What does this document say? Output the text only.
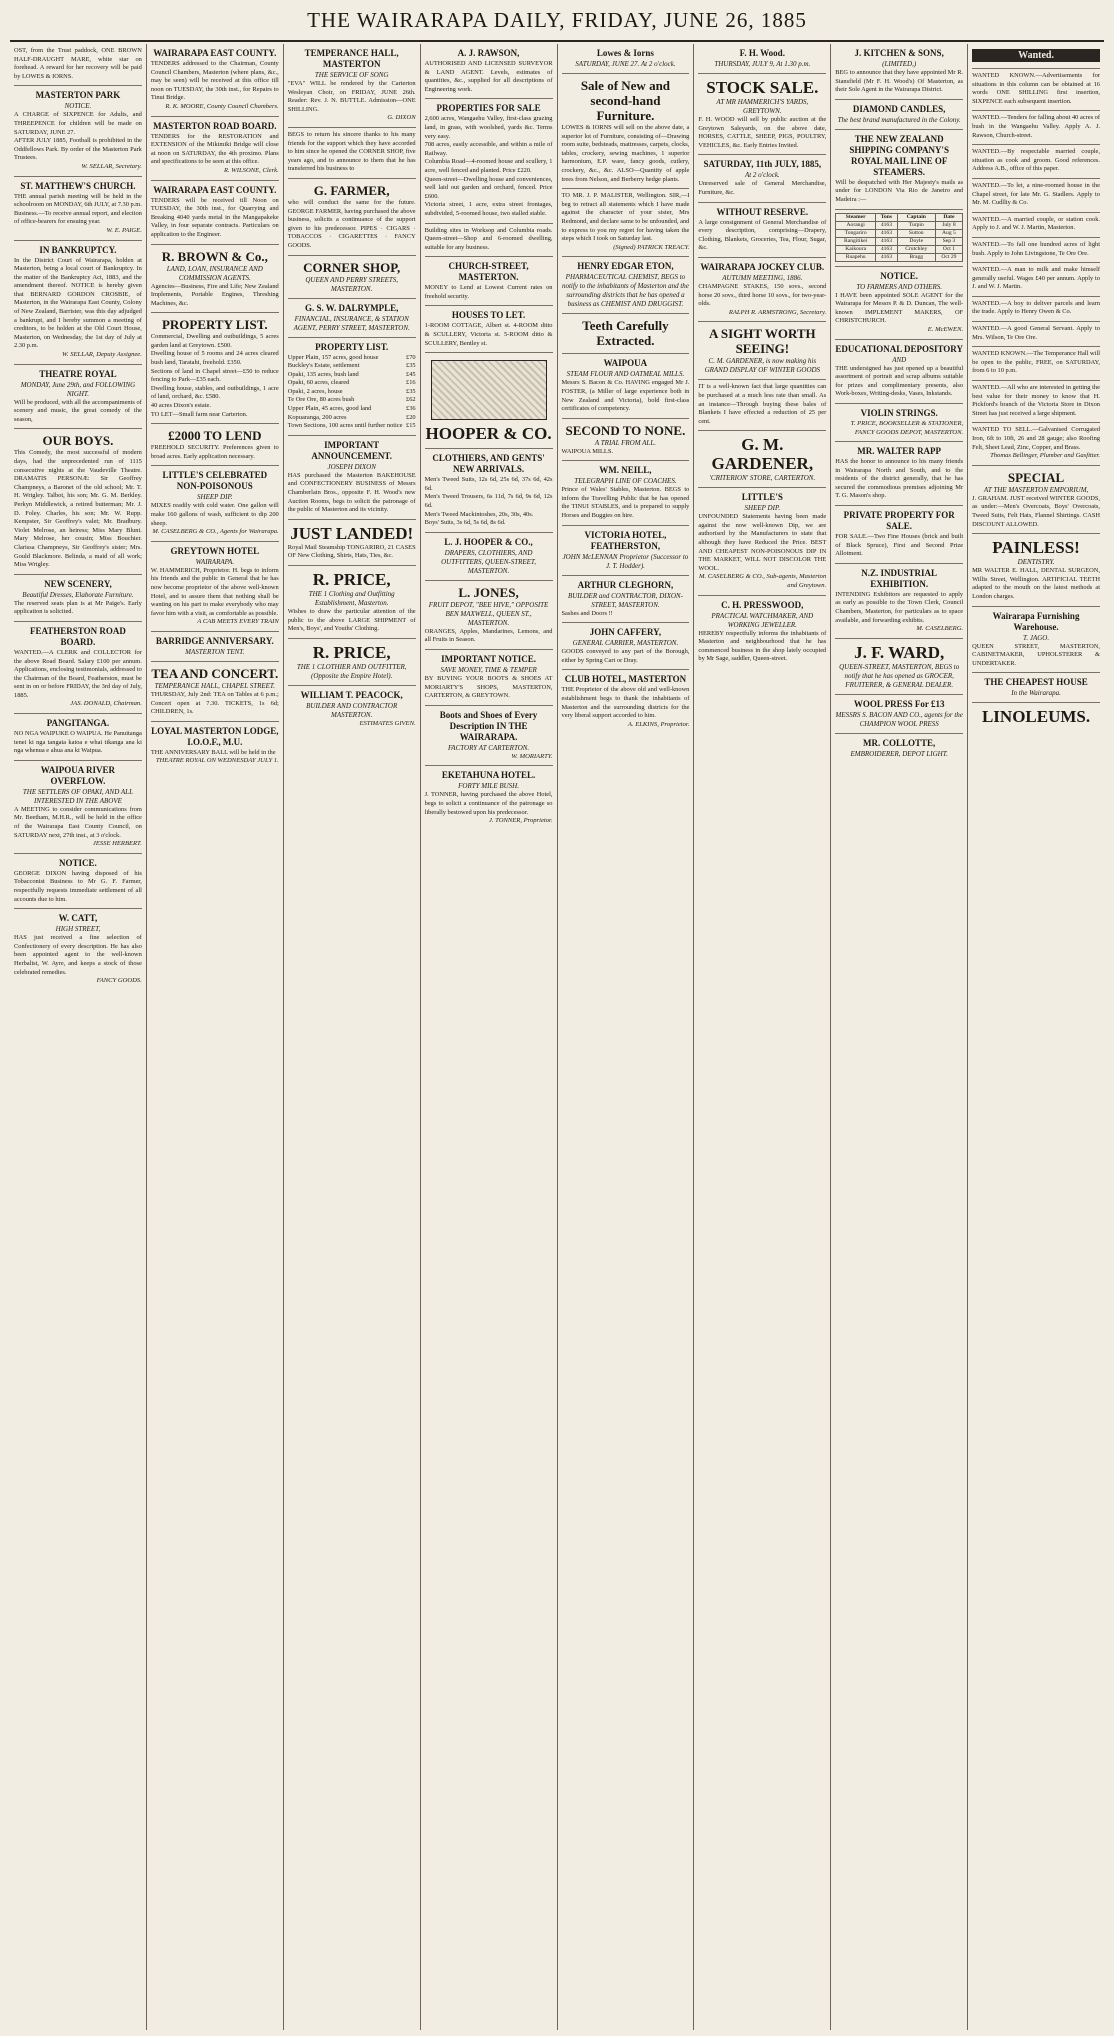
THE WAIRARAPA DAILY, FRIDAY, JUNE 26, 1885
OST, from the Trust paddock, ONE BROWN HALF-DRAUGHT MARE, white star on forehead. A reward for her recovery will be paid by LOWES & IORNS.
MASTERTON PARK
NOTICE.
A CHARGE of SIXPENCE for Adults, and THREEPENCE for children will be made on SATURDAY, JUNE 27.
AFTER JULY 1885, Football is prohibited in the Oddfellows Park. By order of the Masterton Park Trustees.
W. SELLAR, Secretary.
ST. MATTHEW'S CHURCH.
THE annual parish meeting will be held in the schoolroom on MONDAY, 6th JULY, at 7.30 p.m. Business.—To receive annual report, and election of office-bearers for ensuing year.
W. E. PAIGE.
IN BANKRUPTCY.
In the District Court of Wairarapa, holden at Masterton, being a local court of Bankruptcy. In the matter of the Bankruptcy Act, 1883, and the amendment thereof. NOTICE is hereby given that BERNARD GORDON CROSBIE, of Masterton, in the Wairarapa East County, Colony of New Zealand, Barrister, was this day adjudged a bankrupt, and I hereby summon a meeting of creditors, to be holden at the Old Court House, Masterton, on Wednesday, the 1st day of July at 2.30 p.m.
W. SELLAR, Deputy Assignee.
THEATRE ROYAL
MONDAY, June 29th, and FOLLOWING NIGHT.
Will be produced, with all the accompaniments of scenery and music, the great comedy of the season,
OUR BOYS.
This Comedy, the most successful of modern days, had the unprecedented run of 1115 consecutive nights at the Vaudeville Theatre. DRAMATIS PERSONÆ: Sir Geoffrey Champneys, a Baronet of the old school; Mr. T. H. Wrigley. Talbot, his son; Mr. G. M. Berkley. Perkyn Middlewick, a retired butterman; Mr. J. D. Foley. Charles, his son; Mr. W. Rupp. Kempster, Sir Geoffrey's valet; Mr. Bradbury. Violet Melrose, an heiress; Miss Mary Blunt. Mary Melrose, her cousin; Miss Bouchier. Clarissa Champneys, Sir Geoffrey's sister; Mrs. Gould Blackmore. Belinda, a maid of all work; Miss Wrigley.
NEW SCENERY,
Beautiful Dresses, Elaborate Furniture.
The reserved seats plan is at Mr Paige's. Early application is solicited.
FEATHERSTON ROAD BOARD.
WANTED.—A CLERK and COLLECTOR for the above Road Board. Salary £100 per annum. Applications, enclosing testimonials, addressed to the Chairman of the Board, Featherston, must be sent in on or before FRIDAY, the 3rd day of July, 1885.
JAS. DONALD, Chairman.
PANGITANGA.
NO NGA WAIPUKE O WAIPUA. He Panuitanga tenei ki nga tangata katoa e whai tikanga ana ki nga whenua e ahua ana ki Waipua.
WAIPOUA RIVER OVERFLOW.
THE SETTLERS OF OPAKI, AND ALL INTERESTED IN THE ABOVE
A MEETING to consider communications from Mr. Beetham, M.H.R., will be held in the office of the Wairarapa East County Council, on SATURDAY next, 27th inst., at 3 o'clock.
JESSE HERBERT.
NOTICE.
GEORGE DIXON having disposed of his Tobacconist Business to Mr G. F. Farmer, respectfully requests immediate settlement of all accounts due to him.
W. CATT,
HIGH STREET,
HAS just received a fine selection of Confectionery of every description. He has also been appointed agent to the well-known Herbalist, W. Ayre, and keeps a stock of those celebrated remedies.
FANCY GOODS.
WAIRARAPA EAST COUNTY.
TENDERS addressed to the Chairman, County Council Chambers, Masterton (where plans, &c., may be seen) will be received at this office till noon on TUESDAY, the 30th inst., for Repairs to Tinui Bridge.
R. K. MOORE, County Council Chambers.
MASTERTON ROAD BOARD.
TENDERS for the RESTORATION and EXTENSION of the Mikimiki Bridge will close at noon on SATURDAY, the 4th proximo. Plans and specifications to be seen at this office.
R. WILSONE, Clerk.
WAIRARAPA EAST COUNTY.
TENDERS will be received till Noon on TUESDAY, the 30th inst., for Quarrying and Breaking 4040 yards metal in the Mangapakeke Valley, in four separate contracts. Particulars on application to the Engineer.
R. BROWN & Co.,
LAND, LOAN, INSURANCE AND COMMISSION AGENTS.
Agencies—Business, Fire and Life; New Zealand Implements, Portable Engines, Threshing Machines, &c.
PROPERTY LIST.
Commercial, Dwelling and outbuildings, 5 acres garden land at Greytown. £500.
Dwelling house of 5 rooms and 24 acres cleared bush land, Taratahi, freehold. £350.
Sections of land in Chapel street—£50 to reduce fencing to Park—£35 each.
Dwelling house, stables, and outbuildings, 1 acre of land, orchard, &c. £580.
40 acres Dixon's estate.
TO LET—Small farm near Carterton.
£2000 TO LEND
FREEHOLD SECURITY. Preferences given to broad acres. Early application necessary.
LITTLE'S CELEBRATED NON-POISONOUS
SHEEP DIP.
MIXES readily with cold water. One gallon will make 160 gallons of wash, sufficient to dip 200 sheep.
M. CASELBERG & CO., Agents for Wairarapa.
GREYTOWN HOTEL
WAIRARAPA.
W. HAMMERICH, Proprietor. H. begs to inform his friends and the public in General that he has now become proprietor of the above well-known Hotel, and to assure them that nothing shall be wanting on his part to make everybody who may favor him with a visit, as comfortable as possible.
A CAB MEETS EVERY TRAIN
BARRIDGE ANNIVERSARY.
MASTERTON TENT.
TEA AND CONCERT.
TEMPERANCE HALL, CHAPEL STREET.
THURSDAY, July 2nd: TEA on Tables at 6 p.m.; Concert open at 7.30. TICKETS, 1s 6d; CHILDREN, 1s.
LOYAL MASTERTON LODGE, I.O.O.F., M.U.
THE ANNIVERSARY BALL will be held in the
THEATRE ROYAL ON WEDNESDAY JULY 1.
TEMPERANCE HALL, MASTERTON
THE SERVICE OF SONG
"EVA" WILL be rendered by the Carterton Wesleyan Choir, on FRIDAY, JUNE 26th. Reader: Rev. J. N. BUTTLE. Admission—ONE SHILLING.
G. DIXON
BEGS to return his sincere thanks to his many friends for the support which they have accorded to him since he opened the CORNER SHOP, five years ago, and to announce to them that he has transferred his business to
G. FARMER,
who will conduct the same for the future. GEORGE FARMER, having purchased the above business, solicits a continuance of the support given to his predecessor. PIPES · CIGARS · TOBACCOS · CIGARETTES · FANCY GOODS.
CORNER SHOP,
QUEEN AND PERRY STREETS, MASTERTON.
G. S. W. DALRYMPLE,
FINANCIAL, INSURANCE, & STATION AGENT, PERRY STREET, MASTERTON.
PROPERTY LIST.
Upper Plain, 157 acres, good house	£70
Buckley's Estate, settlement	£35
Opaki, 135 acres, bush land	£45
Opaki, 60 acres, cleared	£16
Opaki, 2 acres, house	£35
Te Ore Ore, 80 acres bush	£62
Upper Plain, 45 acres, good land	£36
Kopuaranga, 200 acres	£20
Town Sections, 100 acres until further notice £15
IMPORTANT ANNOUNCEMENT.
JOSEPH DIXON
HAS purchased the Masterton BAKEHOUSE and CONFECTIONERY BUSINESS of Messrs Chamberlain Bros., opposite F. H. Wood's new Auction Rooms, begs to solicit the patronage of the public of Masterton and its vicinity.
JUST LANDED!
Royal Mail Steamship TONGARIRO, 21 CASES OF New Clothing, Shirts, Hats, Ties, &c.
R. PRICE,
THE 1 Clothing and Outfitting Establishment, Masterton.
Wishes to draw the particular attention of the public to the above LARGE SHIPMENT of Men's, Boys', and Youths' Clothing.
R. PRICE,
THE 1 CLOTHIER AND OUTFITTER, (Opposite the Empire Hotel).
WILLIAM T. PEACOCK,
BUILDER AND CONTRACTOR MASTERTON.
ESTIMATES GIVEN.
A. J. RAWSON,
AUTHORISED AND LICENSED SURVEYOR & LAND AGENT. Levels, estimates of quantities, &c., supplied for all descriptions of Engineering work.
PROPERTIES FOR SALE
2,600 acres, Wangaehu Valley, first-class grazing land, in grass, with woolshed, yards &c. Terms very easy.
708 acres, easily accessible, and within a mile of Railway.
Columbia Road—4-roomed house and scullery, 1 acre, well fenced and planted. Price £220.
Queen-street—Dwelling house and conveniences, well laid out garden and orchard, fenced. Price £600.
Victoria street, 1 acre, extra street frontages, subdivided, 5-roomed house, two stalled stable.
Building sites in Worksop and Columbia roads. Queen-street—Shop and 6-roomed dwelling, suitable for any business.
CHURCH-STREET, MASTERTON.
MONEY to Lend at Lowest Current rates on freehold security.
HOUSES TO LET.
1-ROOM COTTAGE, Albert st. 4-ROOM ditto & SCULLERY, Victoria st. 5-ROOM ditto & SCULLERY, Bentley st.
HOOPER & CO.
CLOTHIERS, AND GENTS' NEW ARRIVALS.
Men's Tweed Suits, 12s 6d, 25s 6d, 37s 6d, 42s 6d.
Men's Tweed Trousers, 6s 11d, 7s 6d, 9s 6d, 12s 6d.
Men's Tweed Mackintoshes, 20s, 30s, 40s.
Boys' Suits, 3s 6d, 5s 6d, 8s 6d.
L. J. HOOPER & CO.,
DRAPERS, CLOTHIERS, AND OUTFITTERS, QUEEN-STREET, MASTERTON.
L. JONES,
FRUIT DEPOT, "BEE HIVE," OPPOSITE BEN MAXWELL, QUEEN ST., MASTERTON.
ORANGES, Apples, Mandarines, Lemons, and all Fruits in Season.
IMPORTANT NOTICE.
SAVE MONEY, TIME & TEMPER
BY BUYING YOUR BOOTS & SHOES AT MORIARTY'S SHOPS, MASTERTON, CARTERTON, & GREYTOWN.
Boots and Shoes of Every Description IN THE WAIRARAPA.
FACTORY AT CARTERTON.
W. MORIARTY.
EKETAHUNA HOTEL.
FORTY MILE BUSH.
J. TONNER, having purchased the above Hotel, begs to solicit a continuance of the patronage so liberally bestowed upon his predecessor.
J. TONNER, Proprietor.
Lowes & Iorns
SATURDAY, JUNE 27. At 2 o'clock.
Sale of New and second-hand Furniture.
LOWES & IORNS will sell on the above date, a superior lot of Furniture, consisting of—Drawing room suite, bedsteads, mattresses, carpets, clocks, tables, crockery, sewing machines, 1 superior harmonium, E.P. ware, fancy goods, cutlery, crockery, &c., &c. ALSO—Quantity of apple trees from Nelson, and Berberry hedge plants.
TO MR. J. P. MALISTER, Wellington. SIR,—I beg to retract all statements which I have made against the character of your sister, Mrs Redmond, and declare same to be unfounded, and to express to you my regret for having taken the steps which I took on Saturday last.
(Signed) PATRICK TREACY.
HENRY EDGAR ETON,
PHARMACEUTICAL CHEMIST, BEGS to notify to the inhabitants of Masterton and the surrounding districts that he has opened a business as CHEMIST AND DRUGGIST.
Teeth Carefully Extracted.
WAIPOUA
STEAM FLOUR AND OATMEAL MILLS.
Messrs S. Bacon & Co. HAVING engaged Mr J. FOSTER, (a Miller of large experience both in New Zealand and Victoria), bold first-class certificates of competency.
SECOND TO NONE.
A TRIAL FROM ALL.
WAIPOUA MILLS.
WM. NEILL,
TELEGRAPH LINE OF COACHES.
Prince of Wales' Stables, Masterton. BEGS to inform the Travelling Public that he has opened the TINUI STABLES, and is prepared to supply Horses and Buggies on hire.
VICTORIA HOTEL, FEATHERSTON,
JOHN McLENNAN Proprietor (Successor to J. T. Hodder).
ARTHUR CLEGHORN,
BUILDER and CONTRACTOR, DIXON-STREET, MASTERTON.
Sashes and Doors !!
JOHN CAFFERY,
GENERAL CARRIER, MASTERTON.
GOODS conveyed to any part of the Borough, either by Spring Cart or Dray.
CLUB HOTEL, MASTERTON
THE Proprietor of the above old and well-known establishment begs to thank the inhabitants of Masterton and the surrounding districts for the very liberal support accorded to him.
A. ELKINS, Proprietor.
F. H. Wood.
THURSDAY, JULY 9, At 1.30 p.m.
STOCK SALE.
AT MR HAMMERICH'S YARDS, GREYTOWN.
F. H. WOOD will sell by public auction at the Greytown Saleyards, on the above date, HORSES, CATTLE, SHEEP, PIGS, POULTRY, VEHICLES, &c. Early Entries Invited.
SATURDAY, 11th JULY, 1885,
At 2 o'clock.
Unreserved sale of General Merchandise, Furniture, &c.
WITHOUT RESERVE.
A large consignment of General Merchandise of every description, comprising—Drapery, Clothing, Blankets, Groceries, Tea, Flour, Sugar, &c.
WAIRARAPA JOCKEY CLUB.
AUTUMN MEETING, 1886.
CHAMPAGNE STAKES, 150 sovs., second horse 20 sovs., third horse 10 sovs., for two-year-olds.
RALPH R. ARMSTRONG, Secretary.
A SIGHT WORTH SEEING!
C. M. GARDENER, is now making his GRAND DISPLAY OF WINTER GOODS
IT is a well-known fact that large quantities can be purchased at a much less rate than small. As an instance—Through buying these bales of Blankets I have effected a reduction of 25 per cent.
G. M. GARDENER,
'CRITERION' STORE, CARTERTON.
LITTLE'S
SHEEP DIP.
UNFOUNDED Statements having been made against the now well-known Dip, we are authorised by the Manufacturers to state that although they have Reduced the Price. BEST AND CHEAPEST NON-POISONOUS DIP IN THE MARKET, WILL NOT DISCOLOR THE WOOL.
M. CASELBERG & CO., Sub-agents, Masterton and Greytown.
C. H. PRESSWOOD,
PRACTICAL WATCHMAKER, AND WORKING JEWELLER.
HEREBY respectfully informs the inhabitants of Masterton and neighbourhood that he has commenced business in the shop lately occupied by Mr Sage, saddler, Queen-street.
J. KITCHEN & SONS,
(LIMITED,)
BEG to announce that they have appointed Mr R. Stansfield (Mr F. H. Wood's) Of Masterton, as their Sole Agent in the Wairarapa District.
DIAMOND CANDLES,
The best brand manufactured in the Colony.
THE NEW ZEALAND SHIPPING COMPANY'S ROYAL MAIL LINE OF STEAMERS.
Will be despatched with Her Majesty's mails as under for LONDON Via Rio de Janeiro and Madeira :—
Steamer	Tons	Captain	Date
Aorangi	4163	Turpin	July 8
Tongariro	4163	Sutton	Aug 5
Rangitikei	4163	Doyle	Sep 3
Kaikoura	4163	Crutchley	Oct 1
Ruapehu	4163	Bragg	Oct 29
NOTICE.
TO FARMERS AND OTHERS.
I HAVE been appointed SOLE AGENT for the Wairarapa for Messrs P. & D. Duncan, The well-known IMPLEMENT MAKERS, OF CHRISTCHURCH.
E. McEWEN.
EDUCATIONAL DEPOSITORY
AND
THE undersigned has just opened up a beautiful assortment of portrait and scrap albums suitable for prizes and complimentary presents, also Work-boxes, Writing-desks, Vases, Inkstands.
VIOLIN STRINGS.
T. PRICE, BOOKSELLER & STATIONER, FANCY GOODS DEPOT, MASTERTON.
MR. WALTER RAPP
HAS the honor to announce to his many friends in Wairarapa North and South, and to the residents of the district generally, that he has secured the commodious premises adjoining Mr T. G. Mason's shop.
PRIVATE PROPERTY FOR SALE.
FOR SALE.—Two Fine Houses (brick and built of Black Spruce), First and Second Prize Allotment.
N.Z. INDUSTRIAL EXHIBITION.
INTENDING Exhibitors are requested to apply as early as possible to the Town Clerk, Council Chambers, Masterton, for particulars as to space available, and forwarding exhibits.
M. CASELBERG.
J. F. WARD,
QUEEN-STREET, MASTERTON, BEGS to notify that he has opened as GROCER, FRUITERER, & GENERAL DEALER.
WOOL PRESS For £13
MESSRS S. BACON AND CO., agents for the CHAMPION WOOL PRESS
MR. COLLOTTE,
EMBROIDERER, DEPOT LIGHT.
Wanted.
WANTED KNOWN.—Advertisements for situations in this column can be obtained at 16 words ONE SHILLING first insertion, SIXPENCE each subsequent insertion.
WANTED.—Tenders for falling about 40 acres of bush in the Wangaehu Valley. Apply A. J. Rawson, Church-street.
WANTED.—By respectable married couple, situation as cook and groom. Good references. Address A.B., office of this paper.
WANTED.—To let, a nine-roomed house in the Chapel street, for late Mr. G. Stadlers. Apply to Mr. M. Cudlliy & Co.
WANTED.—A married couple, or station cook. Apply to J. and W. J. Martin, Masterton.
WANTED.—To fall one hundred acres of light bush. Apply to John Livingstone, Te Ore Ore.
WANTED.—A man to milk and make himself generally useful. Wages £40 per annum. Apply to J. and W. J. Martin.
WANTED.—A boy to deliver parcels and learn the trade. Apply to Henry Owen & Co.
WANTED.—A good General Servant. Apply to Mrs. Wilson, Te Ore Ore.
WANTED KNOWN.—The Temperance Hall will be open to the public, FREE, on SATURDAY, from 6 to 10 p.m.
WANTED.—All who are interested in getting the best value for their money to know that H. Pickford's branch of the Victoria Store in Dixon Street has just received a large shipment.
WANTED TO SELL.—Galvanised Corrugated Iron, 6ft to 10ft, 26 and 28 gauge; also Roofing Felt, Sheet Lead, Zinc, Copper, and Brass.
Thomas Bellinger, Plumber and Gasfitter.
SPECIAL
AT THE MASTERTON EMPORIUM,
J. GRAHAM. JUST received WINTER GOODS, as under:—Men's Overcoats, Boys' Overcoats, Tweed Suits, Felt Hats, Flannel Shirtings. CASH DISCOUNT ALLOWED.
PAINLESS!
DENTISTRY.
MR WALTER E. HALL, DENTAL SURGEON, Willis Street, Wellington. ARTIFICIAL TEETH adapted to the mouth on the latest methods at London charges.
Wairarapa Furnishing Warehouse.
T. JAGO.
QUEEN STREET, MASTERTON, CABINETMAKER, UPHOLSTERER & UNDERTAKER.
THE CHEAPEST HOUSE
In the Wairarapa.
LINOLEUMS.
